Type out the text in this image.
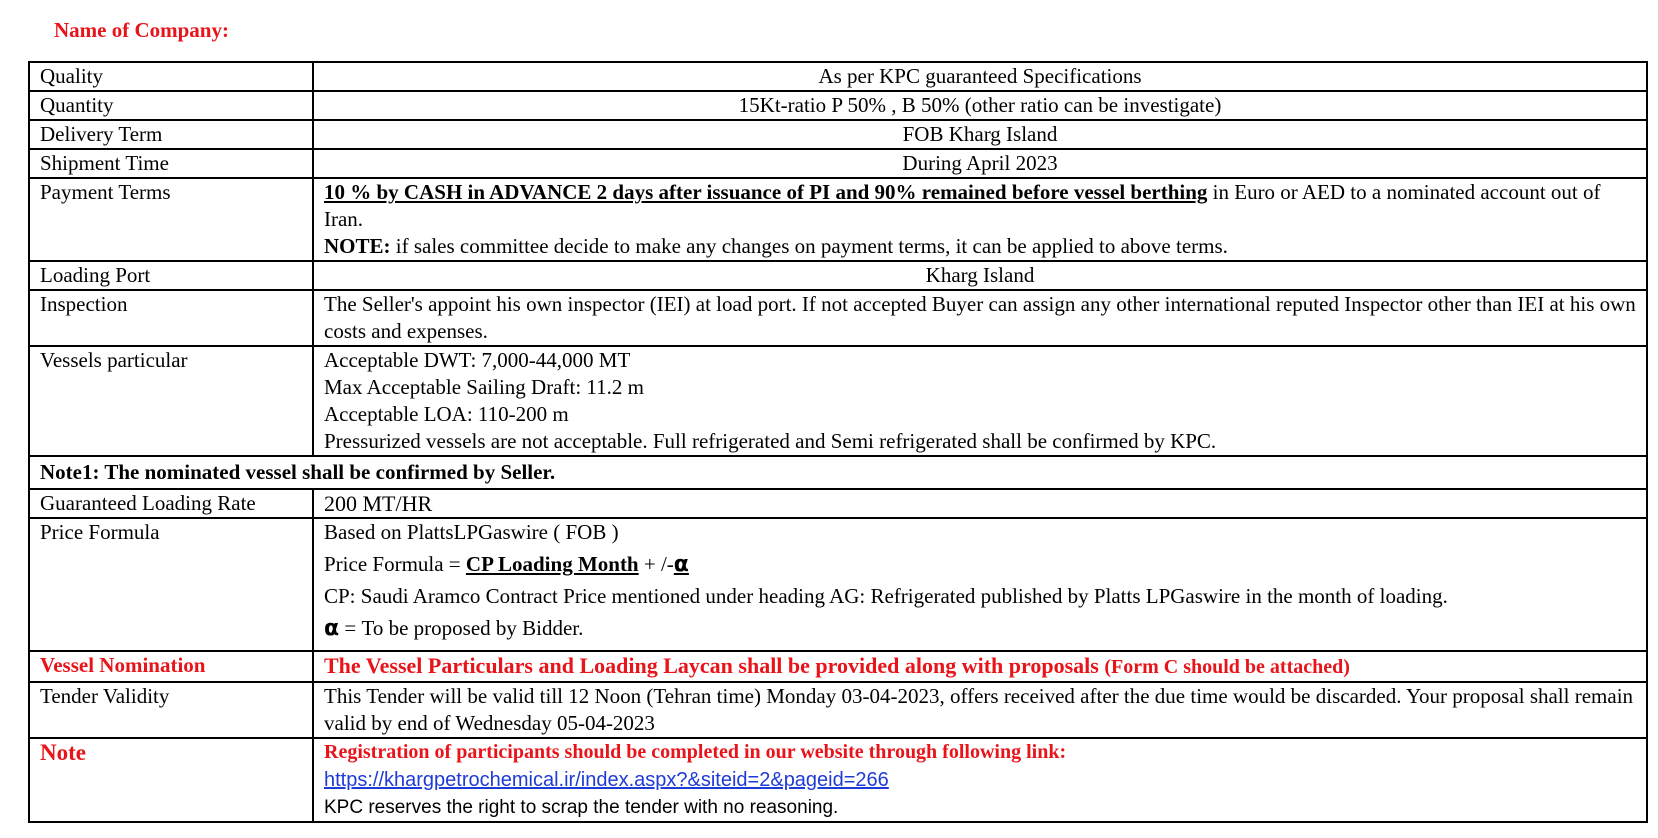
Name of Company:
Quality	As per KPC guaranteed Specifications
Quantity	15Kt-ratio P 50% , B 50% (other ratio can be investigate)
Delivery Term	FOB Kharg Island
Shipment Time	During April 2023
Payment Terms	10 % by CASH in ADVANCE 2 days after issuance of PI and 90% remained before vessel berthing in Euro or AED to a nominated account out of Iran.
NOTE: if sales committee decide to make any changes on payment terms, it can be applied to above terms.
Loading Port	Kharg Island
Inspection	The Seller's appoint his own inspector (IEI) at load port. If not accepted Buyer can assign any other international reputed Inspector other than IEI at his own costs and expenses.
Vessels particular	Acceptable DWT: 7,000-44,000 MT
Max Acceptable Sailing Draft: 11.2 m
Acceptable LOA: 110-200 m
Pressurized vessels are not acceptable. Full refrigerated and Semi refrigerated shall be confirmed by KPC.

Note1: The nominated vessel shall be confirmed by Seller.	
Guaranteed Loading Rate	200 MT/HR
Price Formula	Based on PlattsLPGaswire ( FOB )
Price Formula = CP Loading Month + /-α
CP: Saudi Aramco Contract Price mentioned under heading AG: Refrigerated published by Platts LPGaswire in the month of loading.
α = To be proposed by Bidder.

Vessel Nomination	The Vessel Particulars and Loading Laycan shall be provided along with proposals (Form C should be attached)
Tender Validity	This Tender will be valid till 12 Noon (Tehran time) Monday 03-04-2023, offers received after the due time would be discarded. Your proposal shall remain valid by end of Wednesday 05-04-2023
Note	Registration of participants should be completed in our website through following link:
https://khargpetrochemical.ir/index.aspx?&siteid=2&pageid=266
KPC reserves the right to scrap the tender with no reasoning.
